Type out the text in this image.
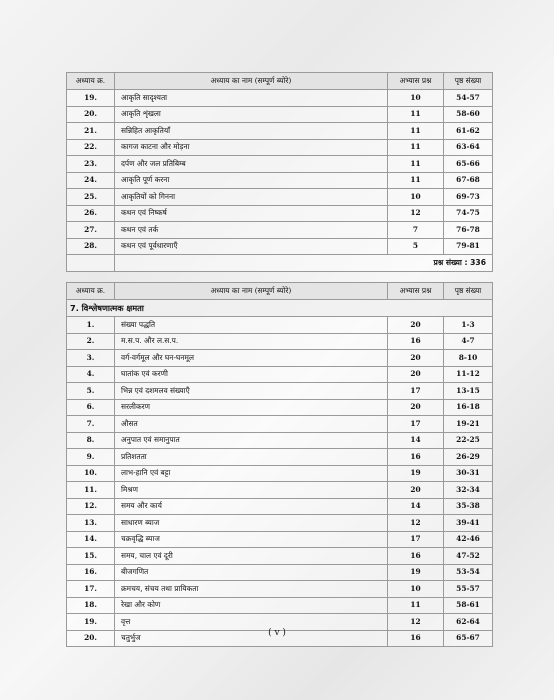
अध्याय क्र.	अध्याय का नाम (सम्पूर्ण ब्योरे)	अभ्यास प्रश्न	पृष्ठ संख्या
19.	आकृति सादृश्यता	10	54-57
20.	आकृति शृंखला	11	58-60
21.	सन्निहित आकृतियाँ	11	61-62
22.	कागज काटना और मोड़ना	11	63-64
23.	दर्पण और जल प्रतिबिम्ब	11	65-66
24.	आकृति पूर्ण करना	11	67-68
25.	आकृतियों को गिनना	10	69-73
26.	कथन एवं निष्कर्ष	12	74-75
27.	कथन एवं तर्क	7	76-78
28.	कथन एवं पूर्वधारणाएँ	5	79-81
	प्रश्न संख्या : 336		
अध्याय क्र.	अध्याय का नाम (सम्पूर्ण ब्योरे)	अभ्यास प्रश्न	पृष्ठ संख्या
7. विश्लेषणात्मक क्षमता			
1.	संख्या पद्धति	20	1-3
2.	म.स.प. और ल.स.प.	16	4-7
3.	वर्ग-वर्गमूल और घन-घनमूल	20	8-10
4.	घातांक एवं करणी	20	11-12
5.	भिन्न एवं दशमलव संख्याएँ	17	13-15
6.	सरलीकरण	20	16-18
7.	औसत	17	19-21
8.	अनुपात एवं समानुपात	14	22-25
9.	प्रतिशतता	16	26-29
10.	लाभ-हानि एवं बट्टा	19	30-31
11.	मिश्रण	20	32-34
12.	समय और कार्य	14	35-38
13.	साधारण ब्याज	12	39-41
14.	चक्रवृद्धि ब्याज	17	42-46
15.	समय, चाल एवं दूरी	16	47-52
16.	बीजगणित	19	53-54
17.	क्रमचय, संचय तथा प्रायिकता	10	55-57
18.	रेखा और कोण	11	58-61
19.	वृत्त	12	62-64
20.	चतुर्भुज	16	65-67
( v )
